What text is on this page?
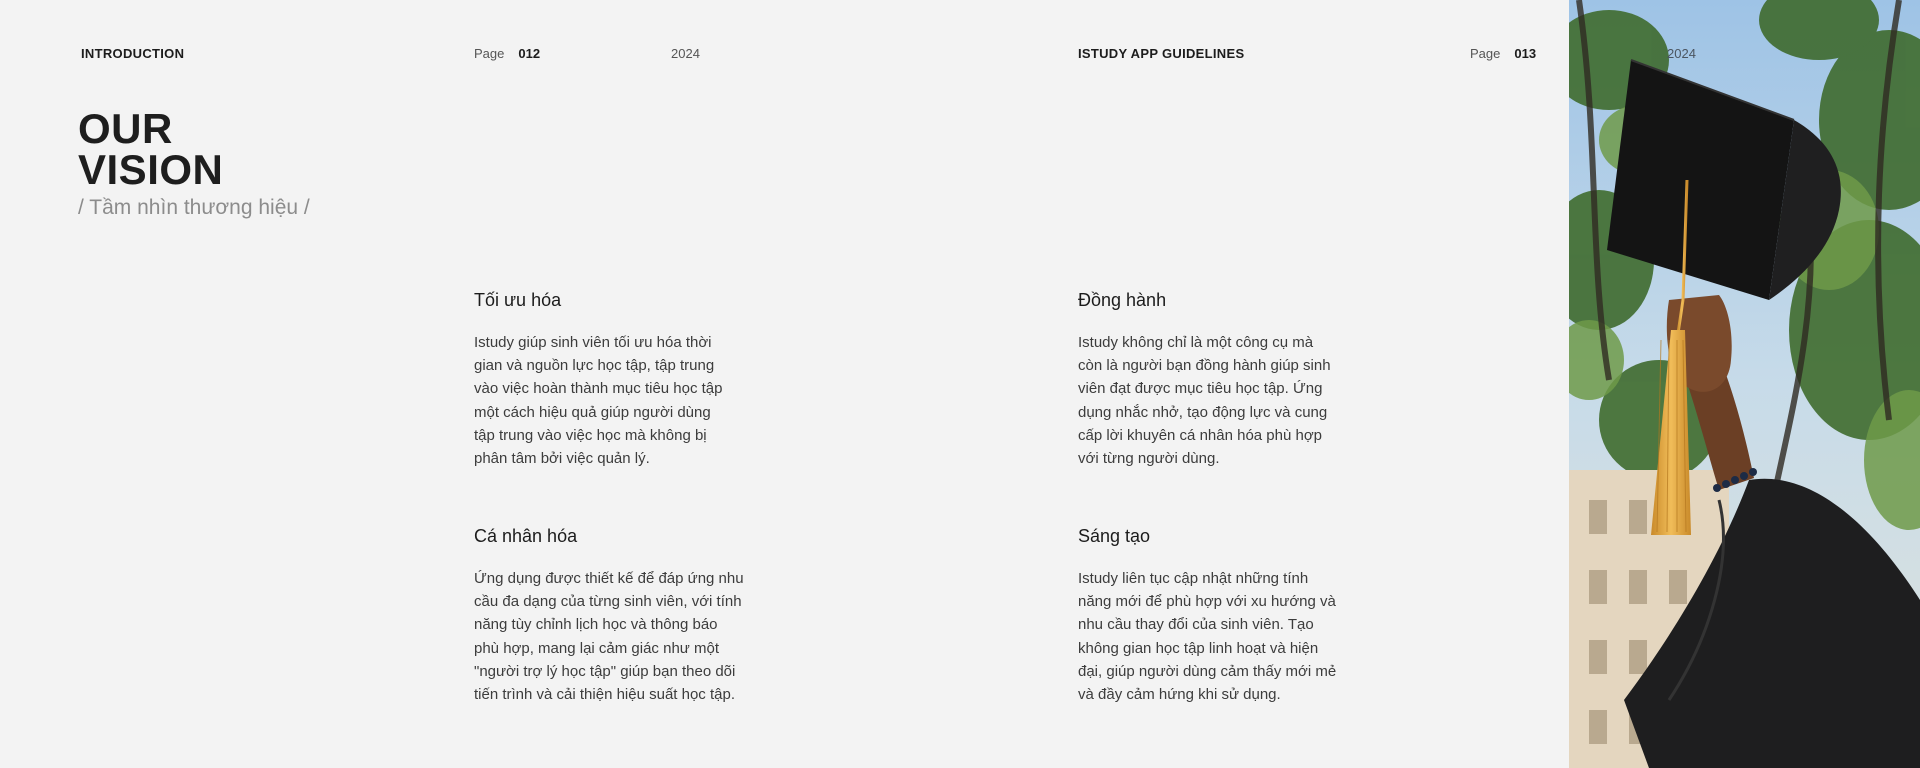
INTRODUCTION	Page 012	2024	ISTUDY APP GUIDELINES	Page 013
OUR
VISION
/ Tầm nhìn thương hiệu /
Tối ưu hóa

Istudy giúp sinh viên tối ưu hóa thời
gian và nguồn lực học tập, tập trung
vào việc hoàn thành mục tiêu học tập
một cách hiệu quả giúp người dùng
tập trung vào việc học mà không bị
phân tâm bởi việc quản lý.

Đồng hành

Istudy không chỉ là một công cụ mà
còn là người bạn đồng hành giúp sinh
viên đạt được mục tiêu học tập. Ứng
dụng nhắc nhở, tạo động lực và cung
cấp lời khuyên cá nhân hóa phù hợp
với từng người dùng.

Cá nhân hóa

Ứng dụng được thiết kế để đáp ứng nhu
cầu đa dạng của từng sinh viên, với tính
năng tùy chỉnh lịch học và thông báo
phù hợp, mang lại cảm giác như một
"người trợ lý học tập" giúp bạn theo dõi
tiến trình và cải thiện hiệu suất học tập.

Sáng tạo

Istudy liên tục cập nhật những tính
năng mới để phù hợp với xu hướng và
nhu cầu thay đổi của sinh viên. Tạo
không gian học tập linh hoạt và hiện
đại, giúp người dùng cảm thấy mới mẻ
và đầy cảm hứng khi sử dụng.

2024
